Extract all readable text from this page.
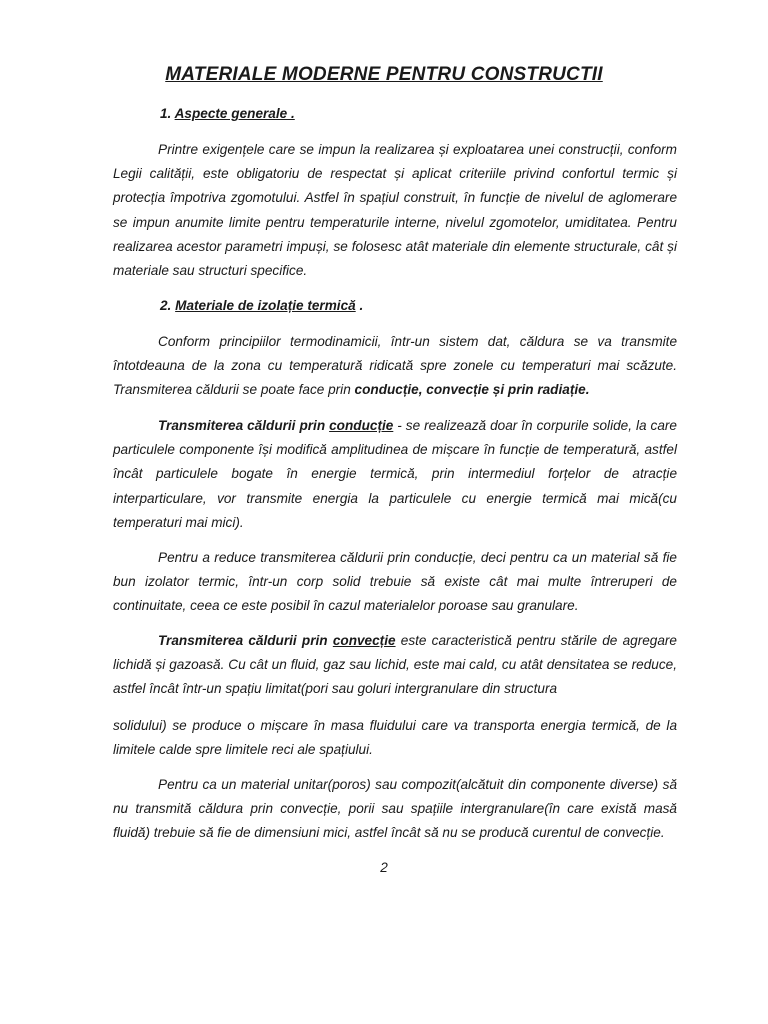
MATERIALE MODERNE PENTRU CONSTRUCTII
1. Aspecte generale .

Printre exigențele care se impun la realizarea și exploatarea unei construcții, conform Legii calității, este obligatoriu de respectat și aplicat criteriile privind confortul termic și protecția împotriva zgomotului. Astfel în spațiul construit, în funcție de nivelul de aglomerare se impun anumite limite pentru temperaturile interne, nivelul zgomotelor, umiditatea. Pentru realizarea acestor parametri impuși, se folosesc atât materiale din elemente structurale, cât și materiale sau structuri specifice.

2. Materiale de izolație termică .

Conform principiilor termodinamicii, într-un sistem dat, căldura se va transmite întotdeauna de la zona cu temperatură ridicată spre zonele cu temperaturi mai scăzute. Transmiterea căldurii se poate face prin conducție, convecție și prin radiație.

Transmiterea căldurii prin conducție - se realizează doar în corpurile solide, la care particulele componente își modifică amplitudinea de mișcare în funcție de temperatură, astfel încât particulele bogate în energie termică, prin intermediul forțelor de atracție interparticulare, vor transmite energia la particulele cu energie termică mai mică(cu temperaturi mai mici).

Pentru a reduce transmiterea căldurii prin conducție, deci pentru ca un material să fie bun izolator termic, într-un corp solid trebuie să existe cât mai multe întreruperi de continuitate, ceea ce este posibil în cazul materialelor poroase sau granulare.

Transmiterea căldurii prin convecție este caracteristică pentru stările de agregare lichidă și gazoasă. Cu cât un fluid, gaz sau lichid, este mai cald, cu atât densitatea se reduce, astfel încât într-un spațiu limitat(pori sau goluri intergranulare din structura

solidului) se produce o mișcare în masa fluidului care va transporta energia termică, de la limitele calde spre limitele reci ale spațiului.

Pentru ca un material unitar(poros) sau compozit(alcătuit din componente diverse) să nu transmită căldura prin convecție, porii sau spațiile intergranulare(în care există masă fluidă) trebuie să fie de dimensiuni mici, astfel încât să nu se producă curentul de convecție.

2
